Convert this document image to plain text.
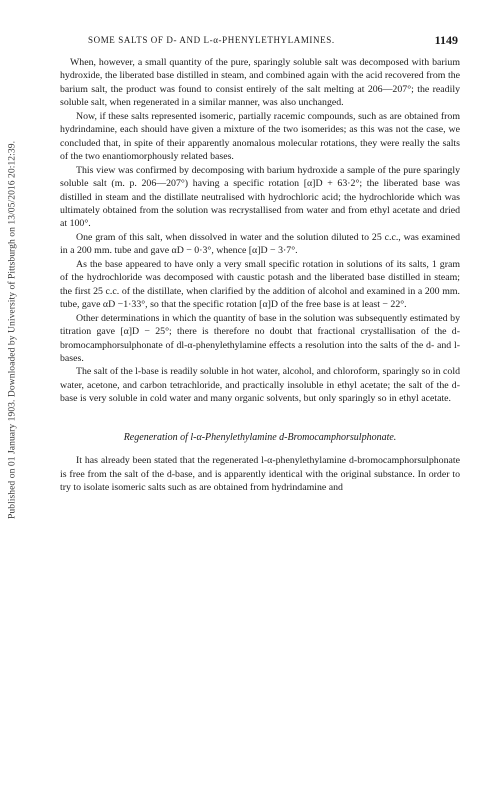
Published on 01 January 1903. Downloaded by University of Pittsburgh on 13/05/2016 20:12:39.
SOME SALTS OF D- AND L-α-PHENYLETHYLAMINES.	1149

When, however, a small quantity of the pure, sparingly soluble salt was decomposed with barium hydroxide, the liberated base distilled in steam, and combined again with the acid recovered from the barium salt, the product was found to consist entirely of the salt melting at 206—207°; the readily soluble salt, when regenerated in a similar manner, was also unchanged.

Now, if these salts represented isomeric, partially racemic compounds, such as are obtained from hydrindamine, each should have given a mixture of the two isomerides; as this was not the case, we concluded that, in spite of their apparently anomalous molecular rotations, they were really the salts of the two enantiomorphously related bases.

This view was confirmed by decomposing with barium hydroxide a sample of the pure sparingly soluble salt (m. p. 206—207°) having a specific rotation [α]D + 63·2°; the liberated base was distilled in steam and the distillate neutralised with hydrochloric acid; the hydrochloride which was ultimately obtained from the solution was recrystallised from water and from ethyl acetate and dried at 100°.

One gram of this salt, when dissolved in water and the solution diluted to 25 c.c., was examined in a 200 mm. tube and gave αD − 0·3°, whence [α]D − 3·7°.

As the base appeared to have only a very small specific rotation in solutions of its salts, 1 gram of the hydrochloride was decomposed with caustic potash and the liberated base distilled in steam; the first 25 c.c. of the distillate, when clarified by the addition of alcohol and examined in a 200 mm. tube, gave αD −1·33°, so that the specific rotation [α]D of the free base is at least − 22°.

Other determinations in which the quantity of base in the solution was subsequently estimated by titration gave [α]D − 25°; there is therefore no doubt that fractional crystallisation of the d-bromocamphorsulphonate of dl-α-phenylethylamine effects a resolution into the salts of the d- and l-bases.

The salt of the l-base is readily soluble in hot water, alcohol, and chloroform, sparingly so in cold water, acetone, and carbon tetrachloride, and practically insoluble in ethyl acetate; the salt of the d-base is very soluble in cold water and many organic solvents, but only sparingly so in ethyl acetate.

Regeneration of l-α-Phenylethylamine d-Bromocamphorsulphonate.

It has already been stated that the regenerated l-α-phenylethylamine d-bromocamphorsulphonate is free from the salt of the d-base, and is apparently identical with the original substance. In order to try to isolate isomeric salts such as are obtained from hydrindamine and
